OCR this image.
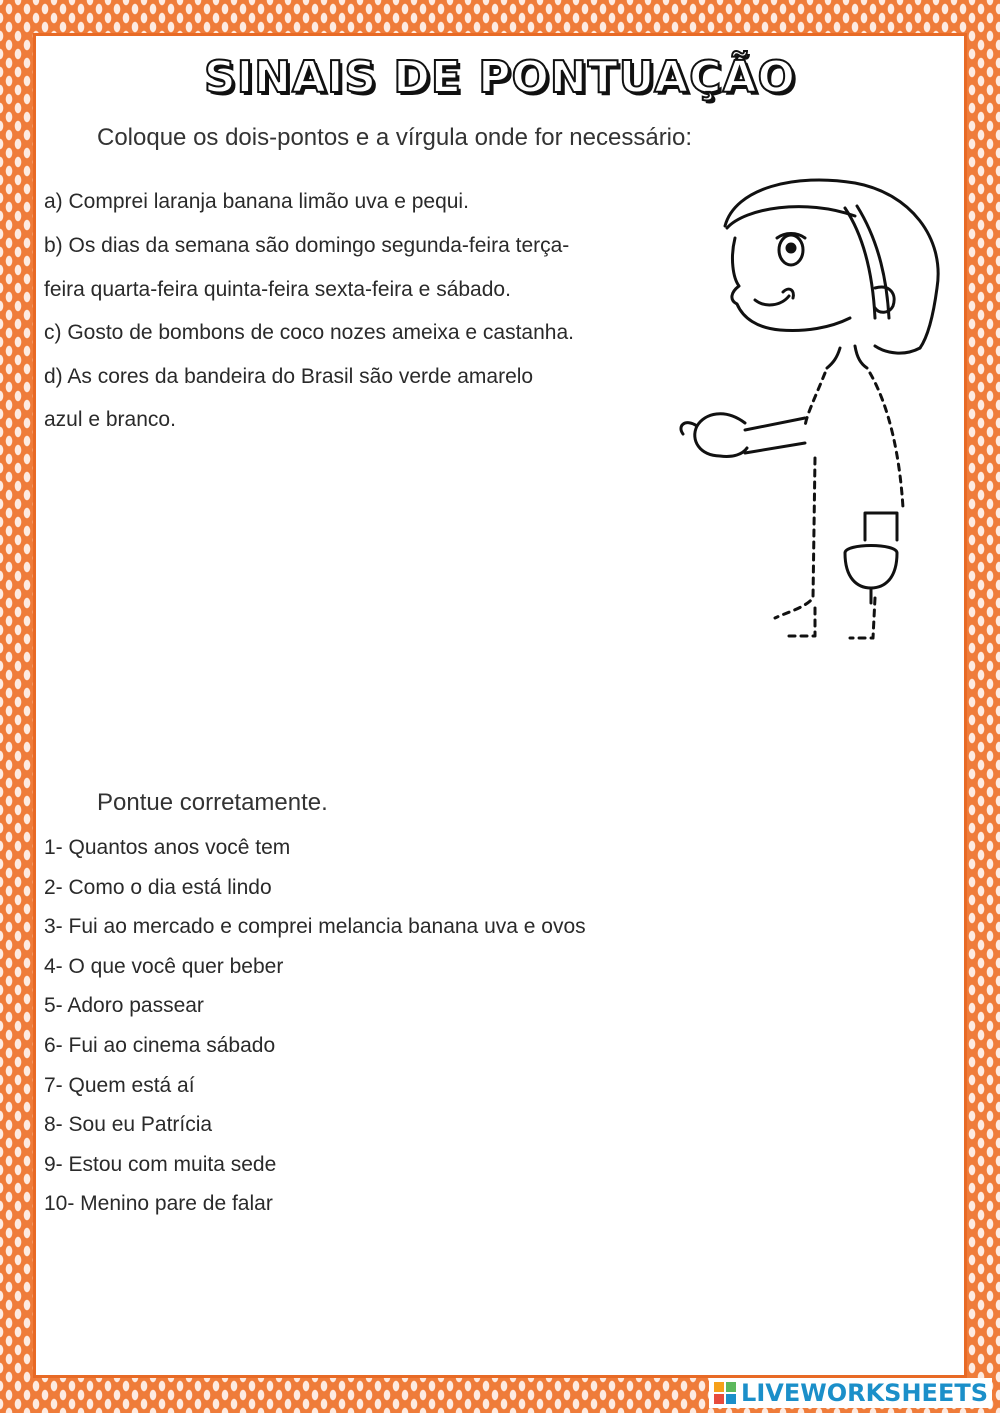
SINAIS DE PONTUAÇÃO
Coloque os dois-pontos e a vírgula onde for necessário:
a) Comprei laranja banana limão uva e pequi.
b) Os dias da semana são domingo segunda-feira terça-
feira quarta-feira quinta-feira sexta-feira e sábado.
c) Gosto de bombons de coco nozes ameixa e castanha.
d) As cores da bandeira do Brasil são verde amarelo
azul e branco.
Pontue corretamente.
1- Quantos anos você tem
2- Como o dia está lindo
3- Fui ao mercado e comprei melancia banana uva e ovos
4- O que você quer beber
5- Adoro passear
6- Fui ao cinema sábado
7- Quem está aí
8- Sou eu Patrícia
9- Estou com muita sede
10- Menino pare de falar
LIVEWORKSHEETS
